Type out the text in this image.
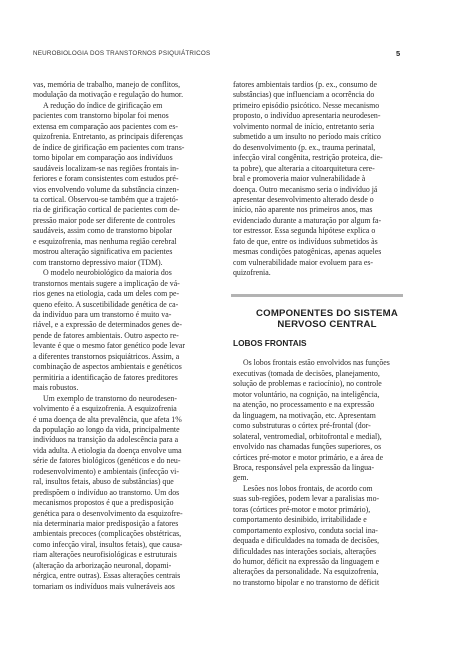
NEUROBIOLOGIA DOS TRANSTORNOS PSIQUIÁTRICOS	5
vas, memória de trabalho, manejo de conflitos,
modulação da motivação e regulação do humor.
A redução do índice de girificação em
pacientes com transtorno bipolar foi menos
extensa em comparação aos pacientes com es-
quizofrenia. Entretanto, as principais diferenças
de índice de girificação em pacientes com trans-
torno bipolar em comparação aos indivíduos
saudáveis localizam-se nas regiões frontais in-
feriores e foram consistentes com estudos pré-
vios envolvendo volume da substância cinzen-
ta cortical. Observou-se também que a trajetó-
ria de girificação cortical de pacientes com de-
pressão maior pode ser diferente de controles
saudáveis, assim como de transtorno bipolar
e esquizofrenia, mas nenhuma região cerebral
mostrou alteração significativa em pacientes
com transtorno depressivo maior (TDM).
O modelo neurobiológico da maioria dos
transtornos mentais sugere a implicação de vá-
rios genes na etiologia, cada um deles com pe-
queno efeito. A suscetibilidade genética de ca-
da indivíduo para um transtorno é muito va-
riável, e a expressão de determinados genes de-
pende de fatores ambientais. Outro aspecto re-
levante é que o mesmo fator genético pode levar
a diferentes transtornos psiquiátricos. Assim, a
combinação de aspectos ambientais e genéticos
permitiria a identificação de fatores preditores
mais robustos.
Um exemplo de transtorno do neurodesen-
volvimento é a esquizofrenia. A esquizofrenia
é uma doença de alta prevalência, que afeta 1%
da população ao longo da vida, principalmente
indivíduos na transição da adolescência para a
vida adulta. A etiologia da doença envolve uma
série de fatores biológicos (genéticos e do neu-
rodesenvolvimento) e ambientais (infecção vi-
ral, insultos fetais, abuso de substâncias) que
predispõem o indivíduo ao transtorno. Um dos
mecanismos propostos é que a predisposição
genética para o desenvolvimento da esquizofre-
nia determinaria maior predisposição a fatores
ambientais precoces (complicações obstétricas,
como infecção viral, insultos fetais), que causa-
riam alterações neurofisiológicas e estruturais
(alteração da arborização neuronal, dopami-
nérgica, entre outras). Essas alterações centrais
tornariam os indivíduos mais vulneráveis aos
fatores ambientais tardios (p. ex., consumo de
substâncias) que influenciam a ocorrência do
primeiro episódio psicótico. Nesse mecanismo
proposto, o indivíduo apresentaria neurodesen-
volvimento normal de início, entretanto seria
submetido a um insulto no período mais crítico
do desenvolvimento (p. ex., trauma perinatal,
infecção viral congênita, restrição proteica, die-
ta pobre), que alteraria a citoarquitetura cere-
bral e promoveria maior vulnerabilidade à
doença. Outro mecanismo seria o indivíduo já
apresentar desenvolvimento alterado desde o
início, não aparente nos primeiros anos, mas
evidenciado durante a maturação por algum fa-
tor estressor. Essa segunda hipótese explica o
fato de que, entre os indivíduos submetidos às
mesmas condições patogênicas, apenas aqueles
com vulnerabilidade maior evoluem para es-
quizofrenia.
COMPONENTES DO SISTEMA
NERVOSO CENTRAL
LOBOS FRONTAIS
Os lobos frontais estão envolvidos nas funções
executivas (tomada de decisões, planejamento,
solução de problemas e raciocínio), no controle
motor voluntário, na cognição, na inteligência,
na atenção, no processamento e na expressão
da linguagem, na motivação, etc. Apresentam
como substruturas o córtex pré-frontal (dor-
solateral, ventromedial, orbitofrontal e medial),
envolvido nas chamadas funções superiores, os
córtices pré-motor e motor primário, e a área de
Broca, responsável pela expressão da lingua-
gem.
Lesões nos lobos frontais, de acordo com
suas sub-regiões, podem levar a paralisias mo-
toras (córtices pré-motor e motor primário),
comportamento desinibido, irritabilidade e
comportamento explosivo, conduta social ina-
dequada e dificuldades na tomada de decisões,
dificuldades nas interações sociais, alterações
do humor, déficit na expressão da linguagem e
alterações da personalidade. Na esquizofrenia,
no transtorno bipolar e no transtorno de déficit
